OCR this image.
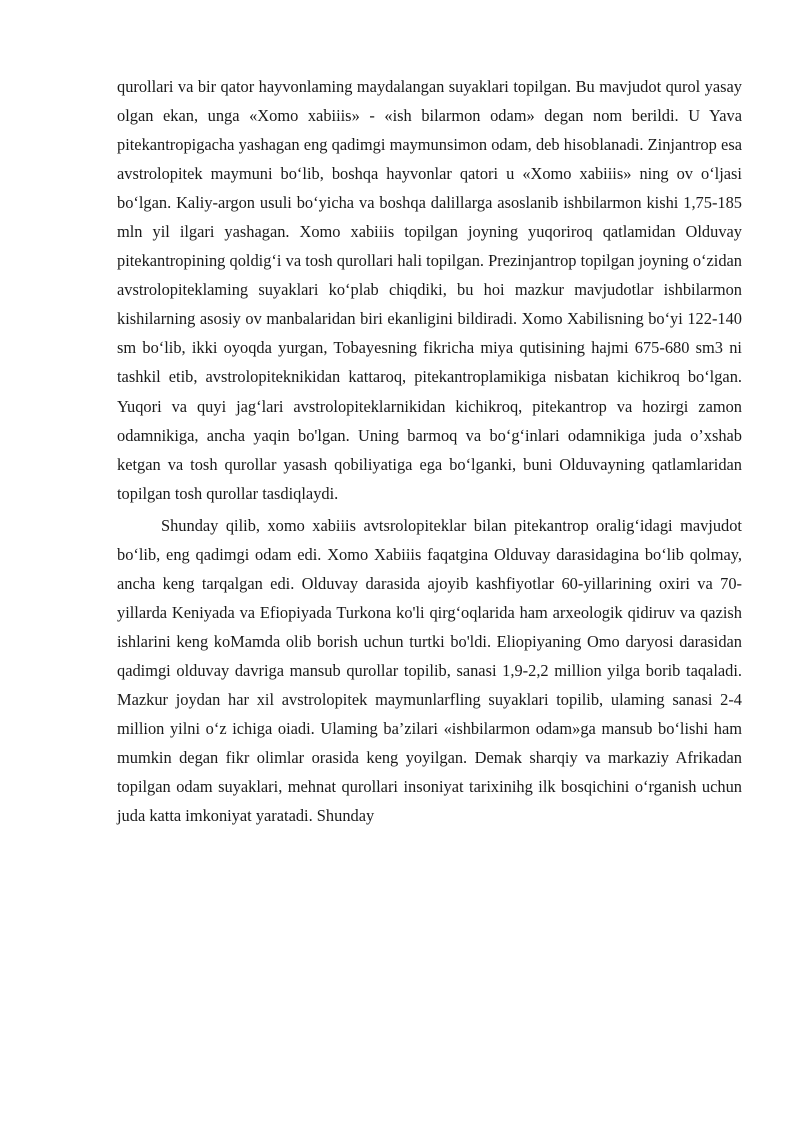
qurollari va bir qator hayvonlaming maydalangan suyaklari topilgan. Bu mavjudot qurol yasay olgan ekan, unga «Xomo xabiiis» - «ish bilarmon odam» degan nom berildi. U Yava pitekantropigacha yashagan eng qadimgi maymunsimon odam, deb hisoblanadi. Zinjantrop esa avstrolopitek maymuni bo‘lib, boshqa hayvonlar qatori u «Xomo xabiiis» ning ov o‘ljasi bo‘lgan. Kaliy-argon usuli bo‘yicha va boshqa dalillarga asoslanib ishbilarmon kishi 1,75-185 mln yil ilgari yashagan. Xomo xabiiis topilgan joyning yuqoriroq qatlamidan Olduvay pitekantropining qoldig‘i va tosh qurollari hali topilgan. Prezinjantrop topilgan joyning o‘zidan avstrolopiteklaming suyaklari ko‘plab chiqdiki, bu hoi mazkur mavjudotlar ishbilarmon kishilarning asosiy ov manbalaridan biri ekanligini bildiradi. Xomo Xabilisning bo‘yi 122-140 sm bo‘lib, ikki oyoqda yurgan, Tobayesning fikricha miya qutisining hajmi 675-680 sm3 ni tashkil etib, avstrolopiteknikidan kattaroq, pitekantroplamikiga nisbatan kichikroq bo‘lgan. Yuqori va quyi jag‘lari avstrolopiteklarnikidan kichikroq, pitekantrop va hozirgi zamon odamnikiga, ancha yaqin bo'lgan. Uning barmoq va bo‘g‘inlari odamnikiga juda o’xshab ketgan va tosh qurollar yasash qobiliyatiga ega bo‘lganki, buni Olduvayning qatlamlaridan topilgan tosh qurollar tasdiqlaydi.

Shunday qilib, xomo xabiiis avtsrolopiteklar bilan pitekantrop oralig‘idagi mavjudot bo‘lib, eng qadimgi odam edi. Xomo Xabiiis faqatgina Olduvay darasidagina bo‘lib qolmay, ancha keng tarqalgan edi. Olduvay darasida ajoyib kashfiyotlar 60-yillarining oxiri va 70-yillarda Keniyada va Efiopiyada Turkona ko'li qirg‘oqlarida ham arxeologik qidiruv va qazish ishlarini keng koMamda olib borish uchun turtki bo'ldi. Eliopiyaning Omo daryosi darasidan qadimgi olduvay davriga mansub qurollar topilib, sanasi 1,9-2,2 million yilga borib taqaladi. Mazkur joydan har xil avstrolopitek maymunlarfling suyaklari topilib, ulaming sanasi 2-4 million yilni o‘z ichiga oiadi. Ulaming ba’zilari «ishbilarmon odam»ga mansub bo‘lishi ham mumkin degan fikr olimlar orasida keng yoyilgan. Demak sharqiy va markaziy Afrikadan topilgan odam suyaklari, mehnat qurollari insoniyat tarixinihg ilk bosqichini o‘rganish uchun juda katta imkoniyat yaratadi. Shunday
